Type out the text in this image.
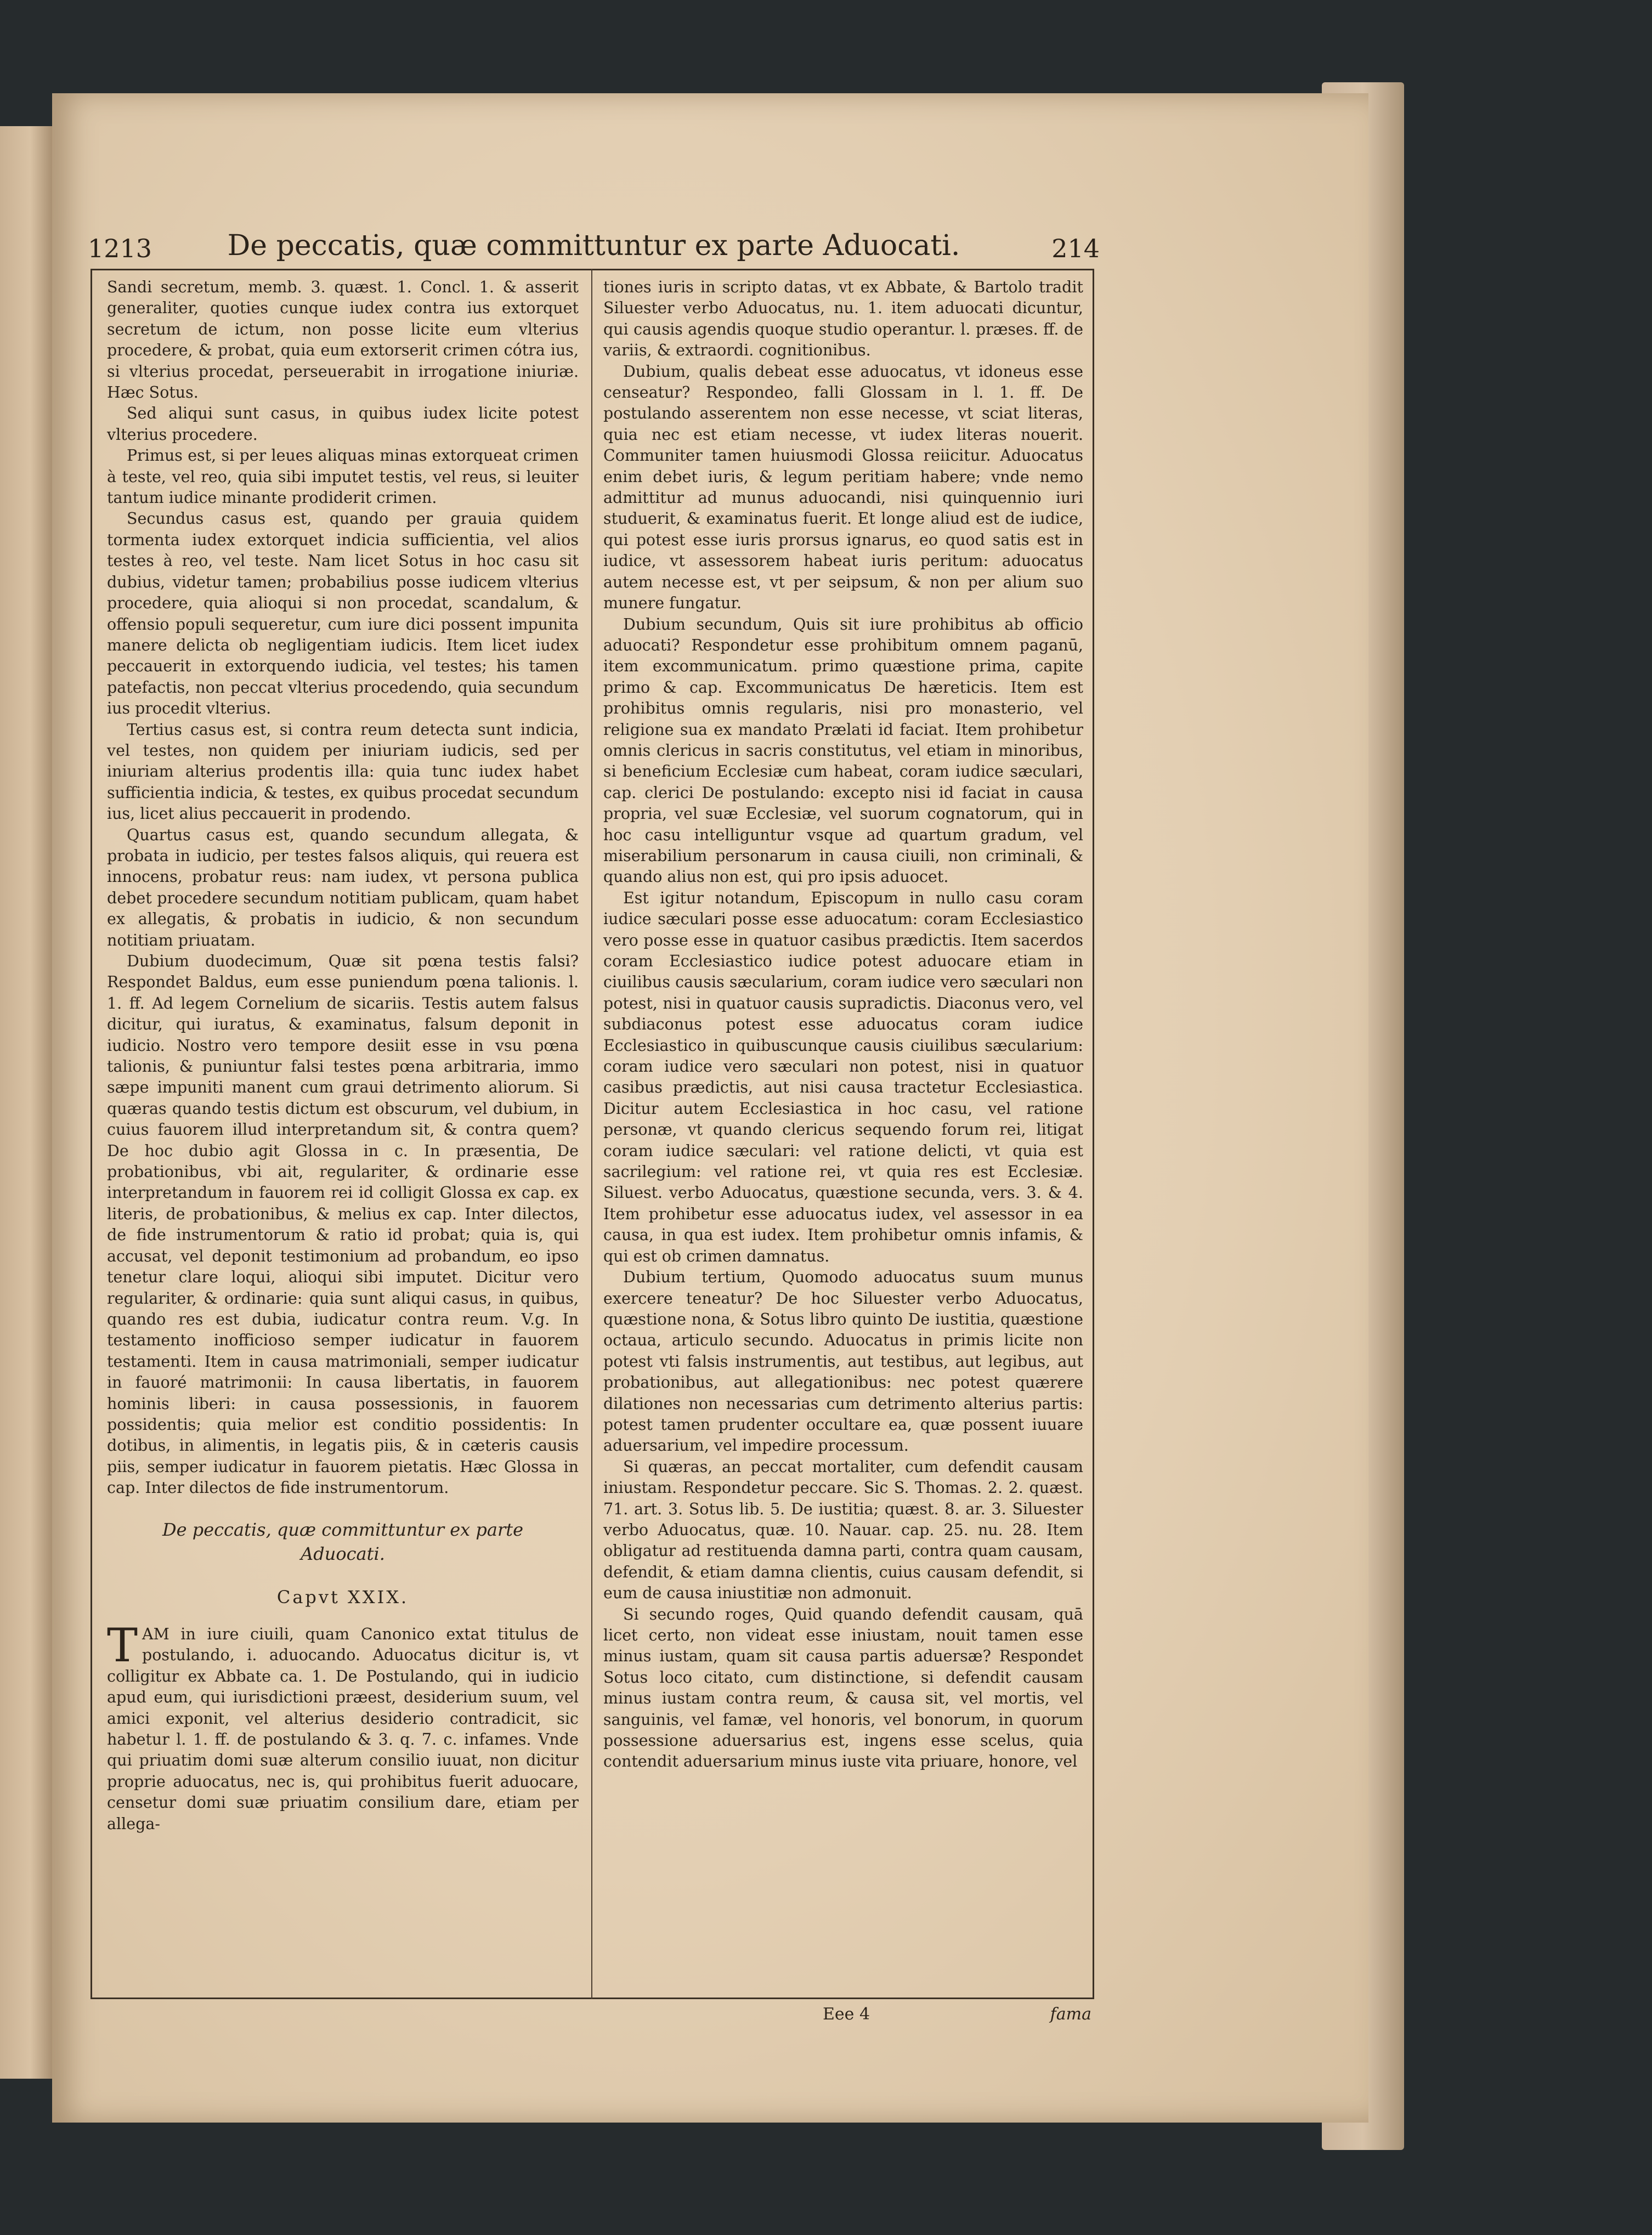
1213	De peccatis, quæ committuntur ex parte Aduocati.	214

Sandi secretum, memb. 3. quæst. 1. Concl. 1. & asserit generaliter, quoties cunque iudex contra ius extorquet secretum de ictum, non posse licite eum vlterius procedere, & probat, quia eum extorserit crimen cótra ius, si vlterius procedat, perseuerabit in irrogatione iniuriæ. Hæc Sotus.

Sed aliqui sunt casus, in quibus iudex licite potest vlterius procedere.

Primus est, si per leues aliquas minas extorqueat crimen à teste, vel reo, quia sibi imputet testis, vel reus, si leuiter tantum iudice minante prodiderit crimen.

Secundus casus est, quando per grauia quidem tormenta iudex extorquet indicia sufficientia, vel alios testes à reo, vel teste. Nam licet Sotus in hoc casu sit dubius, videtur tamen; probabilius posse iudicem vlterius procedere, quia alioqui si non procedat, scandalum, & offensio populi sequeretur, cum iure dici possent impunita manere delicta ob negligentiam iudicis. Item licet iudex peccauerit in extorquendo iudicia, vel testes; his tamen patefactis, non peccat vlterius procedendo, quia secundum ius procedit vlterius.

Tertius casus est, si contra reum detecta sunt indicia, vel testes, non quidem per iniuriam iudicis, sed per iniuriam alterius prodentis illa: quia tunc iudex habet sufficientia indicia, & testes, ex quibus procedat secundum ius, licet alius peccauerit in prodendo.

Quartus casus est, quando secundum allegata, & probata in iudicio, per testes falsos aliquis, qui reuera est innocens, probatur reus: nam iudex, vt persona publica debet procedere secundum notitiam publicam, quam habet ex allegatis, & probatis in iudicio, & non secundum notitiam priuatam.

Dubium duodecimum, Quæ sit pœna testis falsi? Respondet Baldus, eum esse puniendum pœna talionis. l. 1. ff. Ad legem Cornelium de sicariis. Testis autem falsus dicitur, qui iuratus, & examinatus, falsum deponit in iudicio. Nostro vero tempore desiit esse in vsu pœna talionis, & puniuntur falsi testes pœna arbitraria, immo sæpe impuniti manent cum graui detrimento aliorum. Si quæras quando testis dictum est obscurum, vel dubium, in cuius fauorem illud interpretandum sit, & contra quem? De hoc dubio agit Glossa in c. In præsentia, De probationibus, vbi ait, regulariter, & ordinarie esse interpretandum in fauorem rei id colligit Glossa ex cap. ex literis, de probationibus, & melius ex cap. Inter dilectos, de fide instrumentorum & ratio id probat; quia is, qui accusat, vel deponit testimonium ad probandum, eo ipso tenetur clare loqui, alioqui sibi imputet. Dicitur vero regulariter, & ordinarie: quia sunt aliqui casus, in quibus, quando res est dubia, iudicatur contra reum. V.g. In testamento inofficioso semper iudicatur in fauorem testamenti. Item in causa matrimoniali, semper iudicatur in fauoré matrimonii: In causa libertatis, in fauorem hominis liberi: in causa possessionis, in fauorem possidentis; quia melior est conditio possidentis: In dotibus, in alimentis, in legatis piis, & in cæteris causis piis, semper iudicatur in fauorem pietatis. Hæc Glossa in cap. Inter dilectos de fide instrumentorum.

De peccatis, quæ committuntur ex parte
Aduocati.
Capvt XXIX.

TAM in iure ciuili, quam Canonico extat titulus de postulando, i. aduocando. Aduocatus dicitur is, vt colligitur ex Abbate ca. 1. De Postulando, qui in iudicio apud eum, qui iurisdictioni præest, desiderium suum, vel amici exponit, vel alterius desiderio contradicit, sic habetur l. 1. ff. de postulando & 3. q. 7. c. infames. Vnde qui priuatim domi suæ alterum consilio iuuat, non dicitur proprie aduocatus, nec is, qui prohibitus fuerit aduocare, censetur domi suæ priuatim consilium dare, etiam per allega-

tiones iuris in scripto datas, vt ex Abbate, & Bartolo tradit Siluester verbo Aduocatus, nu. 1. item aduocati dicuntur, qui causis agendis quoque studio operantur. l. præses. ff. de variis, & extraordi. cognitionibus.

Dubium, qualis debeat esse aduocatus, vt idoneus esse censeatur? Respondeo, falli Glossam in l. 1. ff. De postulando asserentem non esse necesse, vt sciat literas, quia nec est etiam necesse, vt iudex literas nouerit. Communiter tamen huiusmodi Glossa reiicitur. Aduocatus enim debet iuris, & legum peritiam habere; vnde nemo admittitur ad munus aduocandi, nisi quinquennio iuri studuerit, & examinatus fuerit. Et longe aliud est de iudice, qui potest esse iuris prorsus ignarus, eo quod satis est in iudice, vt assessorem habeat iuris peritum: aduocatus autem necesse est, vt per seipsum, & non per alium suo munere fungatur.

Dubium secundum, Quis sit iure prohibitus ab officio aduocati? Respondetur esse prohibitum omnem paganū, item excommunicatum. primo quæstione prima, capite primo & cap. Excommunicatus De hæreticis. Item est prohibitus omnis regularis, nisi pro monasterio, vel religione sua ex mandato Prælati id faciat. Item prohibetur omnis clericus in sacris constitutus, vel etiam in minoribus, si beneficium Ecclesiæ cum habeat, coram iudice sæculari, cap. clerici De postulando: excepto nisi id faciat in causa propria, vel suæ Ecclesiæ, vel suorum cognatorum, qui in hoc casu intelliguntur vsque ad quartum gradum, vel miserabilium personarum in causa ciuili, non criminali, & quando alius non est, qui pro ipsis aduocet.

Est igitur notandum, Episcopum in nullo casu coram iudice sæculari posse esse aduocatum: coram Ecclesiastico vero posse esse in quatuor casibus prædictis. Item sacerdos coram Ecclesiastico iudice potest aduocare etiam in ciuilibus causis sæcularium, coram iudice vero sæculari non potest, nisi in quatuor causis supradictis. Diaconus vero, vel subdiaconus potest esse aduocatus coram iudice Ecclesiastico in quibuscunque causis ciuilibus sæcularium: coram iudice vero sæculari non potest, nisi in quatuor casibus prædictis, aut nisi causa tractetur Ecclesiastica. Dicitur autem Ecclesiastica in hoc casu, vel ratione personæ, vt quando clericus sequendo forum rei, litigat coram iudice sæculari: vel ratione delicti, vt quia est sacrilegium: vel ratione rei, vt quia res est Ecclesiæ. Siluest. verbo Aduocatus, quæstione secunda, vers. 3. & 4. Item prohibetur esse aduocatus iudex, vel assessor in ea causa, in qua est iudex. Item prohibetur omnis infamis, & qui est ob crimen damnatus.

Dubium tertium, Quomodo aduocatus suum munus exercere teneatur? De hoc Siluester verbo Aduocatus, quæstione nona, & Sotus libro quinto De iustitia, quæstione octaua, articulo secundo. Aduocatus in primis licite non potest vti falsis instrumentis, aut testibus, aut legibus, aut probationibus, aut allegationibus: nec potest quærere dilationes non necessarias cum detrimento alterius partis: potest tamen prudenter occultare ea, quæ possent iuuare aduersarium, vel impedire processum.

Si quæras, an peccat mortaliter, cum defendit causam iniustam. Respondetur peccare. Sic S. Thomas. 2. 2. quæst. 71. art. 3. Sotus lib. 5. De iustitia; quæst. 8. ar. 3. Siluester verbo Aduocatus, quæ. 10. Nauar. cap. 25. nu. 28. Item obligatur ad restituenda damna parti, contra quam causam, defendit, & etiam damna clientis, cuius causam defendit, si eum de causa iniustitiæ non admonuit.

Si secundo roges, Quid quando defendit causam, quā licet certo, non videat esse iniustam, nouit tamen esse minus iustam, quam sit causa partis aduersæ? Respondet Sotus loco citato, cum distinctione, si defendit causam minus iustam contra reum, & causa sit, vel mortis, vel sanguinis, vel famæ, vel honoris, vel bonorum, in quorum possessione aduersarius est, ingens esse scelus, quia contendit aduersarium minus iuste vita priuare, honore, vel

Eee 4	fama
